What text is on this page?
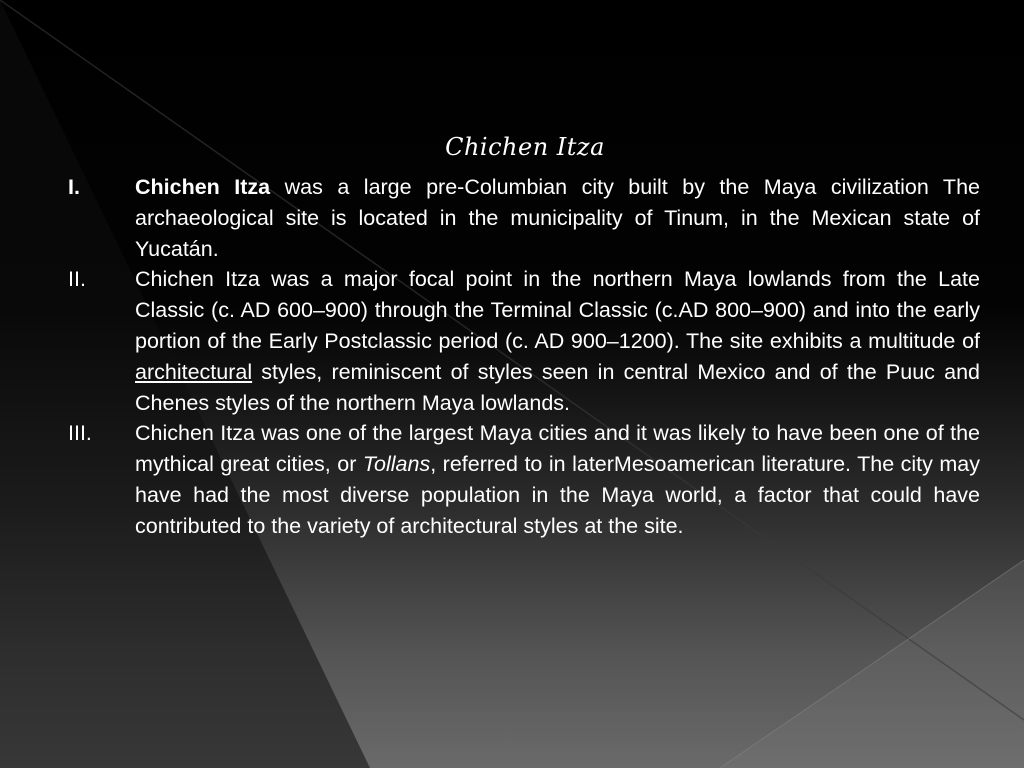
Chichen Itza
I.	Chichen Itza was a large pre-Columbian city built by the Maya civilization The archaeological site is located in the municipality of Tinum, in the Mexican state of Yucatán.
II. Chichen Itza was a major focal point in the northern Maya lowlands from the Late Classic (c. AD 600–900) through the Terminal Classic (c.AD 800–900) and into the early portion of the Early Postclassic period (c. AD 900–1200). The site exhibits a multitude of architectural styles, reminiscent of styles seen in central Mexico and of the Puuc and Chenes styles of the northern Maya lowlands.
III. Chichen Itza was one of the largest Maya cities and it was likely to have been one of the mythical great cities, or Tollans, referred to in laterMesoamerican literature. The city may have had the most diverse population in the Maya world, a factor that could have contributed to the variety of architectural styles at the site.
